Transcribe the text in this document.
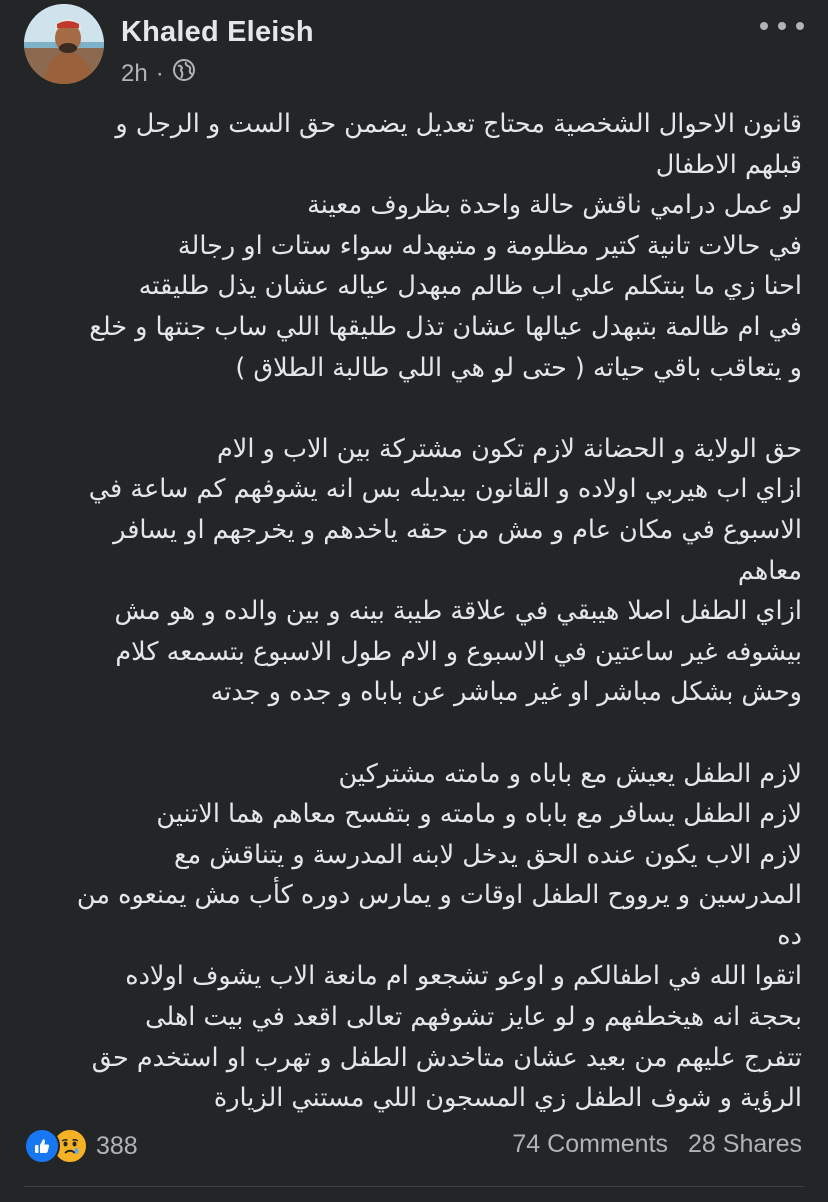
Khaled Eleish
2h ·
قانون الاحوال الشخصية محتاج تعديل يضمن حق الست و الرجل و
قبلهم الاطفال
لو عمل درامي ناقش حالة واحدة بظروف معينة
في حالات تانية كتير مظلومة و متبهدله سواء ستات او رجالة
احنا زي ما بنتكلم علي اب ظالم مبهدل عياله عشان يذل طليقته
في ام ظالمة بتبهدل عيالها عشان تذل طليقها اللي ساب جنتها و خلع
و يتعاقب باقي حياته ( حتى لو هي اللي طالبة الطلاق )
حق الولاية و الحضانة لازم تكون مشتركة بين الاب و الام
ازاي اب هيربي اولاده و القانون بيديله بس انه يشوفهم كم ساعة في
الاسبوع في مكان عام و مش من حقه ياخدهم و يخرجهم او يسافر
معاهم
ازاي الطفل اصلا هيبقي في علاقة طيبة بينه و بين والده و هو مش
بيشوفه غير ساعتين في الاسبوع و الام طول الاسبوع بتسمعه كلام
وحش بشكل مباشر او غير مباشر عن باباه و جده و جدته
لازم الطفل يعيش مع باباه و مامته مشتركين
لازم الطفل يسافر مع باباه و مامته و بتفسح معاهم هما الاتنين
لازم الاب يكون عنده الحق يدخل لابنه المدرسة و يتناقش مع
المدرسين و يرووح الطفل اوقات و يمارس دوره كأب مش يمنعوه من
ده
اتقوا الله في اطفالكم و اوعو تشجعو ام مانعة الاب يشوف اولاده
بحجة انه هيخطفهم و لو عايز تشوفهم تعالى اقعد في بيت اهلى
تتفرج عليهم من بعيد عشان متاخدش الطفل و تهرب او استخدم حق
الرؤية و شوف الطفل زي المسجون اللي مستني الزيارة
388	74 Comments 28 Shares
